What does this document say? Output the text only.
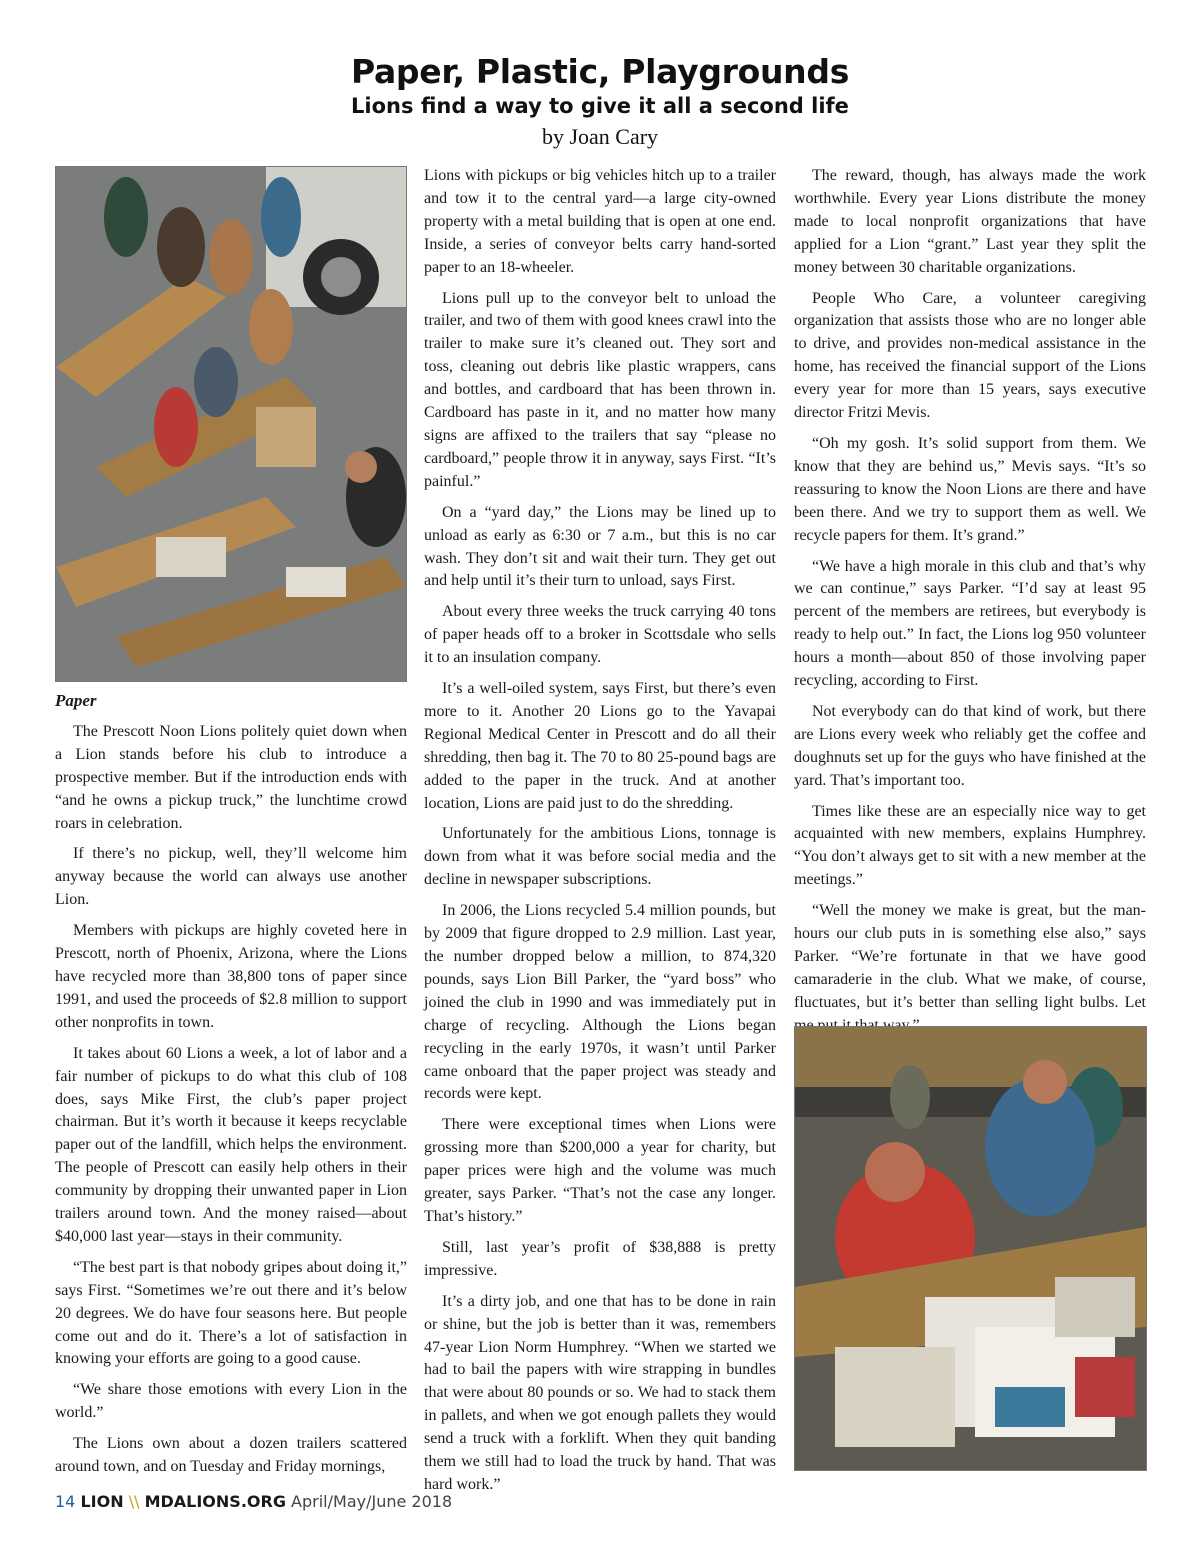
Paper, Plastic, Playgrounds
Lions find a way to give it all a second life
by Joan Cary

Paper

The Prescott Noon Lions politely quiet down when a Lion stands before his club to introduce a prospective member. But if the introduction ends with “and he owns a pickup truck,” the lunchtime crowd roars in celebration.

If there’s no pickup, well, they’ll welcome him anyway because the world can always use another Lion.

Members with pickups are highly coveted here in Prescott, north of Phoenix, Arizona, where the Lions have recycled more than 38,800 tons of paper since 1991, and used the proceeds of $2.8 million to support other nonprofits in town.

It takes about 60 Lions a week, a lot of labor and a fair number of pickups to do what this club of 108 does, says Mike First, the club’s paper project chairman. But it’s worth it because it keeps recyclable paper out of the landfill, which helps the environment. The people of Prescott can easily help others in their community by dropping their unwanted paper in Lion trailers around town. And the money raised—about $40,000 last year—stays in their community.

“The best part is that nobody gripes about doing it,” says First. “Sometimes we’re out there and it’s below 20 degrees. We do have four seasons here. But people come out and do it. There’s a lot of satisfaction in knowing your efforts are going to a good cause.

“We share those emotions with every Lion in the world.”

The Lions own about a dozen trailers scattered around town, and on Tuesday and Friday mornings,

Lions with pickups or big vehicles hitch up to a trailer and tow it to the central yard—a large city-owned property with a metal building that is open at one end. Inside, a series of conveyor belts carry hand-sorted paper to an 18-wheeler.

Lions pull up to the conveyor belt to unload the trailer, and two of them with good knees crawl into the trailer to make sure it’s cleaned out. They sort and toss, cleaning out debris like plastic wrappers, cans and bottles, and cardboard that has been thrown in. Cardboard has paste in it, and no matter how many signs are affixed to the trailers that say “please no cardboard,” people throw it in anyway, says First. “It’s painful.”

On a “yard day,” the Lions may be lined up to unload as early as 6:30 or 7 a.m., but this is no car wash. They don’t sit and wait their turn. They get out and help until it’s their turn to unload, says First.

About every three weeks the truck carrying 40 tons of paper heads off to a broker in Scottsdale who sells it to an insulation company.

It’s a well-oiled system, says First, but there’s even more to it. Another 20 Lions go to the Yavapai Regional Medical Center in Prescott and do all their shredding, then bag it. The 70 to 80 25-pound bags are added to the paper in the truck. And at another location, Lions are paid just to do the shredding.

Unfortunately for the ambitious Lions, tonnage is down from what it was before social media and the decline in newspaper subscriptions.

In 2006, the Lions recycled 5.4 million pounds, but by 2009 that figure dropped to 2.9 million. Last year, the number dropped below a million, to 874,320 pounds, says Lion Bill Parker, the “yard boss” who joined the club in 1990 and was immediately put in charge of recycling. Although the Lions began recycling in the early 1970s, it wasn’t until Parker came onboard that the paper project was steady and records were kept.

There were exceptional times when Lions were grossing more than $200,000 a year for charity, but paper prices were high and the volume was much greater, says Parker. “That’s not the case any longer. That’s history.”

Still, last year’s profit of $38,888 is pretty impressive.

It’s a dirty job, and one that has to be done in rain or shine, but the job is better than it was, remembers 47-year Lion Norm Humphrey. “When we started we had to bail the papers with wire strapping in bundles that were about 80 pounds or so. We had to stack them in pallets, and when we got enough pallets they would send a truck with a forklift. When they quit banding them we still had to load the truck by hand. That was hard work.”

The reward, though, has always made the work worthwhile. Every year Lions distribute the money made to local nonprofit organizations that have applied for a Lion “grant.” Last year they split the money between 30 charitable organizations.

People Who Care, a volunteer caregiving organization that assists those who are no longer able to drive, and provides non-medical assistance in the home, has received the financial support of the Lions every year for more than 15 years, says executive director Fritzi Mevis.

“Oh my gosh. It’s solid support from them. We know that they are behind us,” Mevis says. “It’s so reassuring to know the Noon Lions are there and have been there. And we try to support them as well. We recycle papers for them. It’s grand.”

“We have a high morale in this club and that’s why we can continue,” says Parker. “I’d say at least 95 percent of the members are retirees, but everybody is ready to help out.” In fact, the Lions log 950 volunteer hours a month—about 850 of those involving paper recycling, according to First.

Not everybody can do that kind of work, but there are Lions every week who reliably get the coffee and doughnuts set up for the guys who have finished at the yard. That’s important too.

Times like these are an especially nice way to get acquainted with new members, explains Humphrey. “You don’t always get to sit with a new member at the meetings.”

“Well the money we make is great, but the man-hours our club puts in is something else also,” says Parker. “We’re fortunate in that we have good camaraderie in the club. What we make, of course, fluctuates, but it’s better than selling light bulbs. Let

14 LION \\ MDALIONS.ORG April/May/June 2018
